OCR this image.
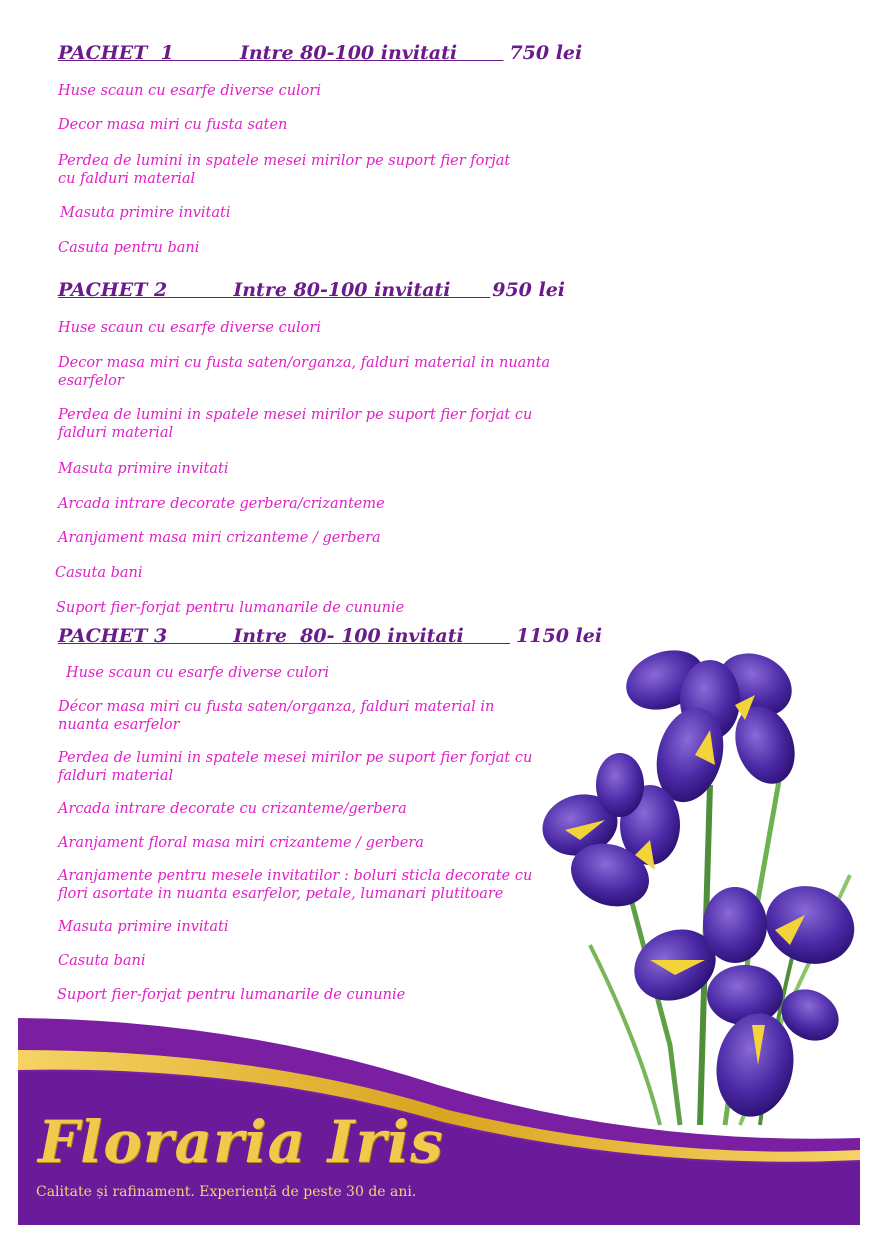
PACHET  1	Intre 80-100 invitati	750 lei
Huse scaun cu esarfe diverse culori
Decor masa miri cu fusta saten
Perdea de lumini in spatele mesei mirilor pe suport fier forjat cu falduri material
Masuta primire invitati
Casuta pentru bani
PACHET 2	Intre 80-100 invitati 950 lei
Huse scaun cu esarfe diverse culori
Decor masa miri cu fusta saten/organza, falduri material in nuanta esarfelor
Perdea de lumini in spatele mesei mirilor pe suport fier forjat cu falduri material
Masuta primire invitati
Arcada intrare decorate gerbera/crizanteme
Aranjament masa miri crizanteme / gerbera
Casuta bani
Suport fier-forjat pentru lumanarile de cununie
PACHET 3	Intre  80- 100 invitati	1150 lei
Huse scaun cu esarfe diverse culori
Décor masa miri cu fusta saten/organza, falduri material in nuanta esarfelor
Perdea de lumini in spatele mesei mirilor pe suport fier forjat cu falduri material
Arcada intrare decorate cu crizanteme/gerbera
Aranjament floral masa miri crizanteme / gerbera
Aranjamente pentru mesele invitatilor : boluri sticla decorate cu flori asortate in nuanta esarfelor, petale, lumanari plutitoare
Masuta primire invitati
Casuta bani
Suport fier-forjat pentru lumanarile de cununie
Floraria Iris
Calitate și rafinament. Experiență de peste 30 de ani.
